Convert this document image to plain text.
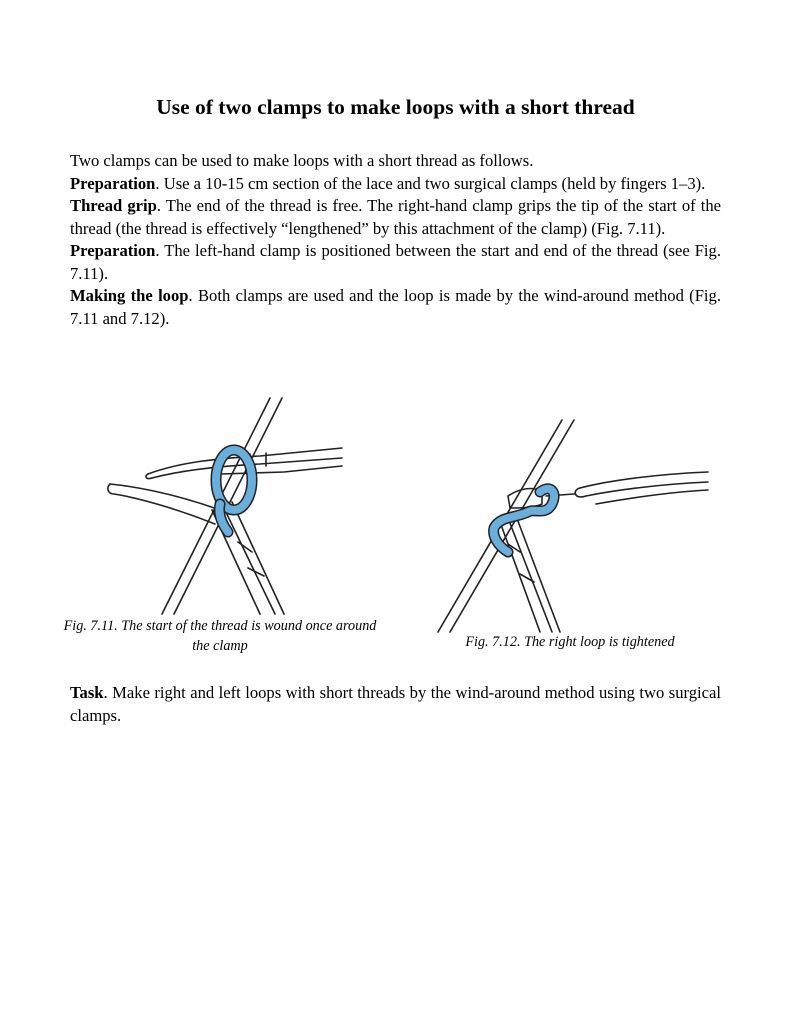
Use of two clamps to make loops with a short thread

Two clamps can be used to make loops with a short thread as follows.

Preparation. Use a 10-15 cm section of the lace and two surgical clamps (held by fingers 1–3).

Thread grip. The end of the thread is free. The right-hand clamp grips the tip of the start of the thread (the thread is effectively “lengthened” by this attachment of the clamp) (Fig. 7.11).

Preparation. The left-hand clamp is positioned between the start and end of the thread (see Fig. 7.11).

Making the loop. Both clamps are used and the loop is made by the wind-around method (Fig. 7.11 and 7.12).

Fig. 7.11. The start of the thread is wound once around the clamp	Fig. 7.12. The right loop is tightened

Task. Make right and left loops with short threads by the wind-around method using two surgical clamps.
